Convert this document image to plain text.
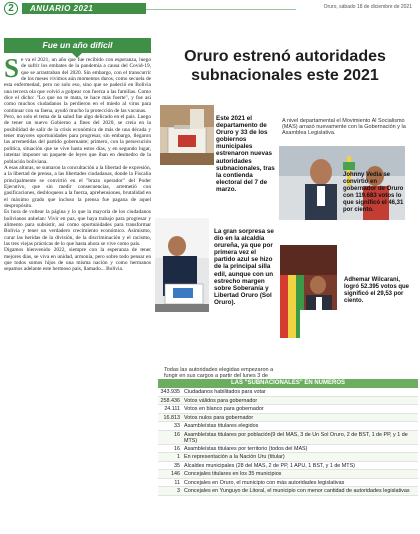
2	ANUARIO 2021	Oruro, sábado 18 de diciembre de 2021
Fue un año difícil

Se va el 2021, un año que fue recibido con esperanza, luego de sufrir los embates de la pandemia a causa del Covid-19, que se arrastraban del 2020. Sin embargo, con el transcurrir de los meses vivimos aún momentos duros, como secuela de esta enfermedad, pero no solo eso, sino que se padeció en Bolivia una tercera ola que volvió a golpear con fuerza a las familias. Como dice el dicho: "Lo que no te mata, te hace más fuerte", y fue así como muchos ciudadanos la perdieron en el miedo al virus para continuar con su faena, ayudó mucho la protección de las vacunas.

Pero, no solo el tema de la salud fue algo delicado en el país. Luego de tener un nuevo Gobierno a fines del 2020, se creía en la posibilidad de salir de la crisis económica de más de una década y tener mayores oportunidades para progresar, sin embargo, llegaron las arremetidas del partido gobernante; primero, con la persecución política, situación que se vive hasta estos días, y en segundo lugar, intentar imponer un paquete de leyes que iban en desmedro de la población boliviana.

A esas alturas, se sumaron la concultación a la libertad de expresión, a la libertad de prensa, a las libertades ciudadanas, donde la Fiscalía principalmente se convirtió en el "brazo operador" del Poder Ejecutivo, que sin medir consecuencias, arremetió con gasificaciones, desbloqueos a la fuerza, aprehensiones, brutalidad en el máximo grado que incluso la prensa fue pagana de aquel despropósito.

Es hora de voltear la página y lo que la mayoría de los ciudadanos bolivianos anhelan: Vivir en paz, que haya trabajo para progresar y alimento para subsistir, así como oportunidades para transformar Bolivia y tener un verdadero crecimiento económico. Asimismo, curar las heridas de la división, de la discriminación y el racismo, las tres viejas prácticas de lo que hasta ahora se vive como país.

Digamos bienvenido 2022, siempre con la esperanza de tener mejores días, se viva en unidad, armonía, pero sobre todo pensar en que todos somos hijos de una misma nación y como hermanos sepamos adelante este hermoso país, llamado... Bolivia.

Oruro estrenó autoridades subnacionales este 2021
Este 2021 el departamento de Oruro y 33 de los gobiernos municipales estrenaron nuevas autoridades subnacionales, tras la contienda electoral del 7 de marzo.
Johnny Vedia se convirtió en gobernador de Oruro con 119.683 votos lo que significó el 46,31 por ciento.
La gran sorpresa se dio en la alcaldía orureña, ya que por primera vez el partido azul se hizo de la principal silla edil, aunque con un estrecho margen sobre Soberanía y Libertad Oruro (Sol Oruro).
Adhemar Wilcarani, logró 52.395 votos que significó el 29,53 por ciento.
A nivel departamental el Movimiento Al Socialismo (MAS) arrasó nuevamente con la Gobernación y la Asamblea Legislativa.
Todas las autoridades elegidas empezaron a fungir en sus cargos a partir del lunes 3 de
LAS "SUBNACIONALES" EN NÚMEROS
343.935 Ciudadanos habilitados para votar
258.436 Votos válidos para gobernador
24.111 Votos en blanco para gobernador
16.813 Votos nulos para gobernador
33 Asambleístas titulares elegidos
16 Asambleístas titulares por población(9 del MAS, 3 de Un Sol Oruro, 2 de BST, 1 de PP, y 1 de MTS)
16 Asambleístas titulares por territorio (todos del MAS)
1 En representación a la Nación Uru (titular)
35 Alcaldes municipales (28 del MAS, 2 de PP, 1 APU, 1 BST, y 1 de MTS)
146 Concejales titulares en los 35 municipios
11 Concejales en Oruro, el municipio con más autoridades legislativas
3 Concejales en Yunguyo de Litoral, el municipio con menor cantidad de autoridades legislativas
